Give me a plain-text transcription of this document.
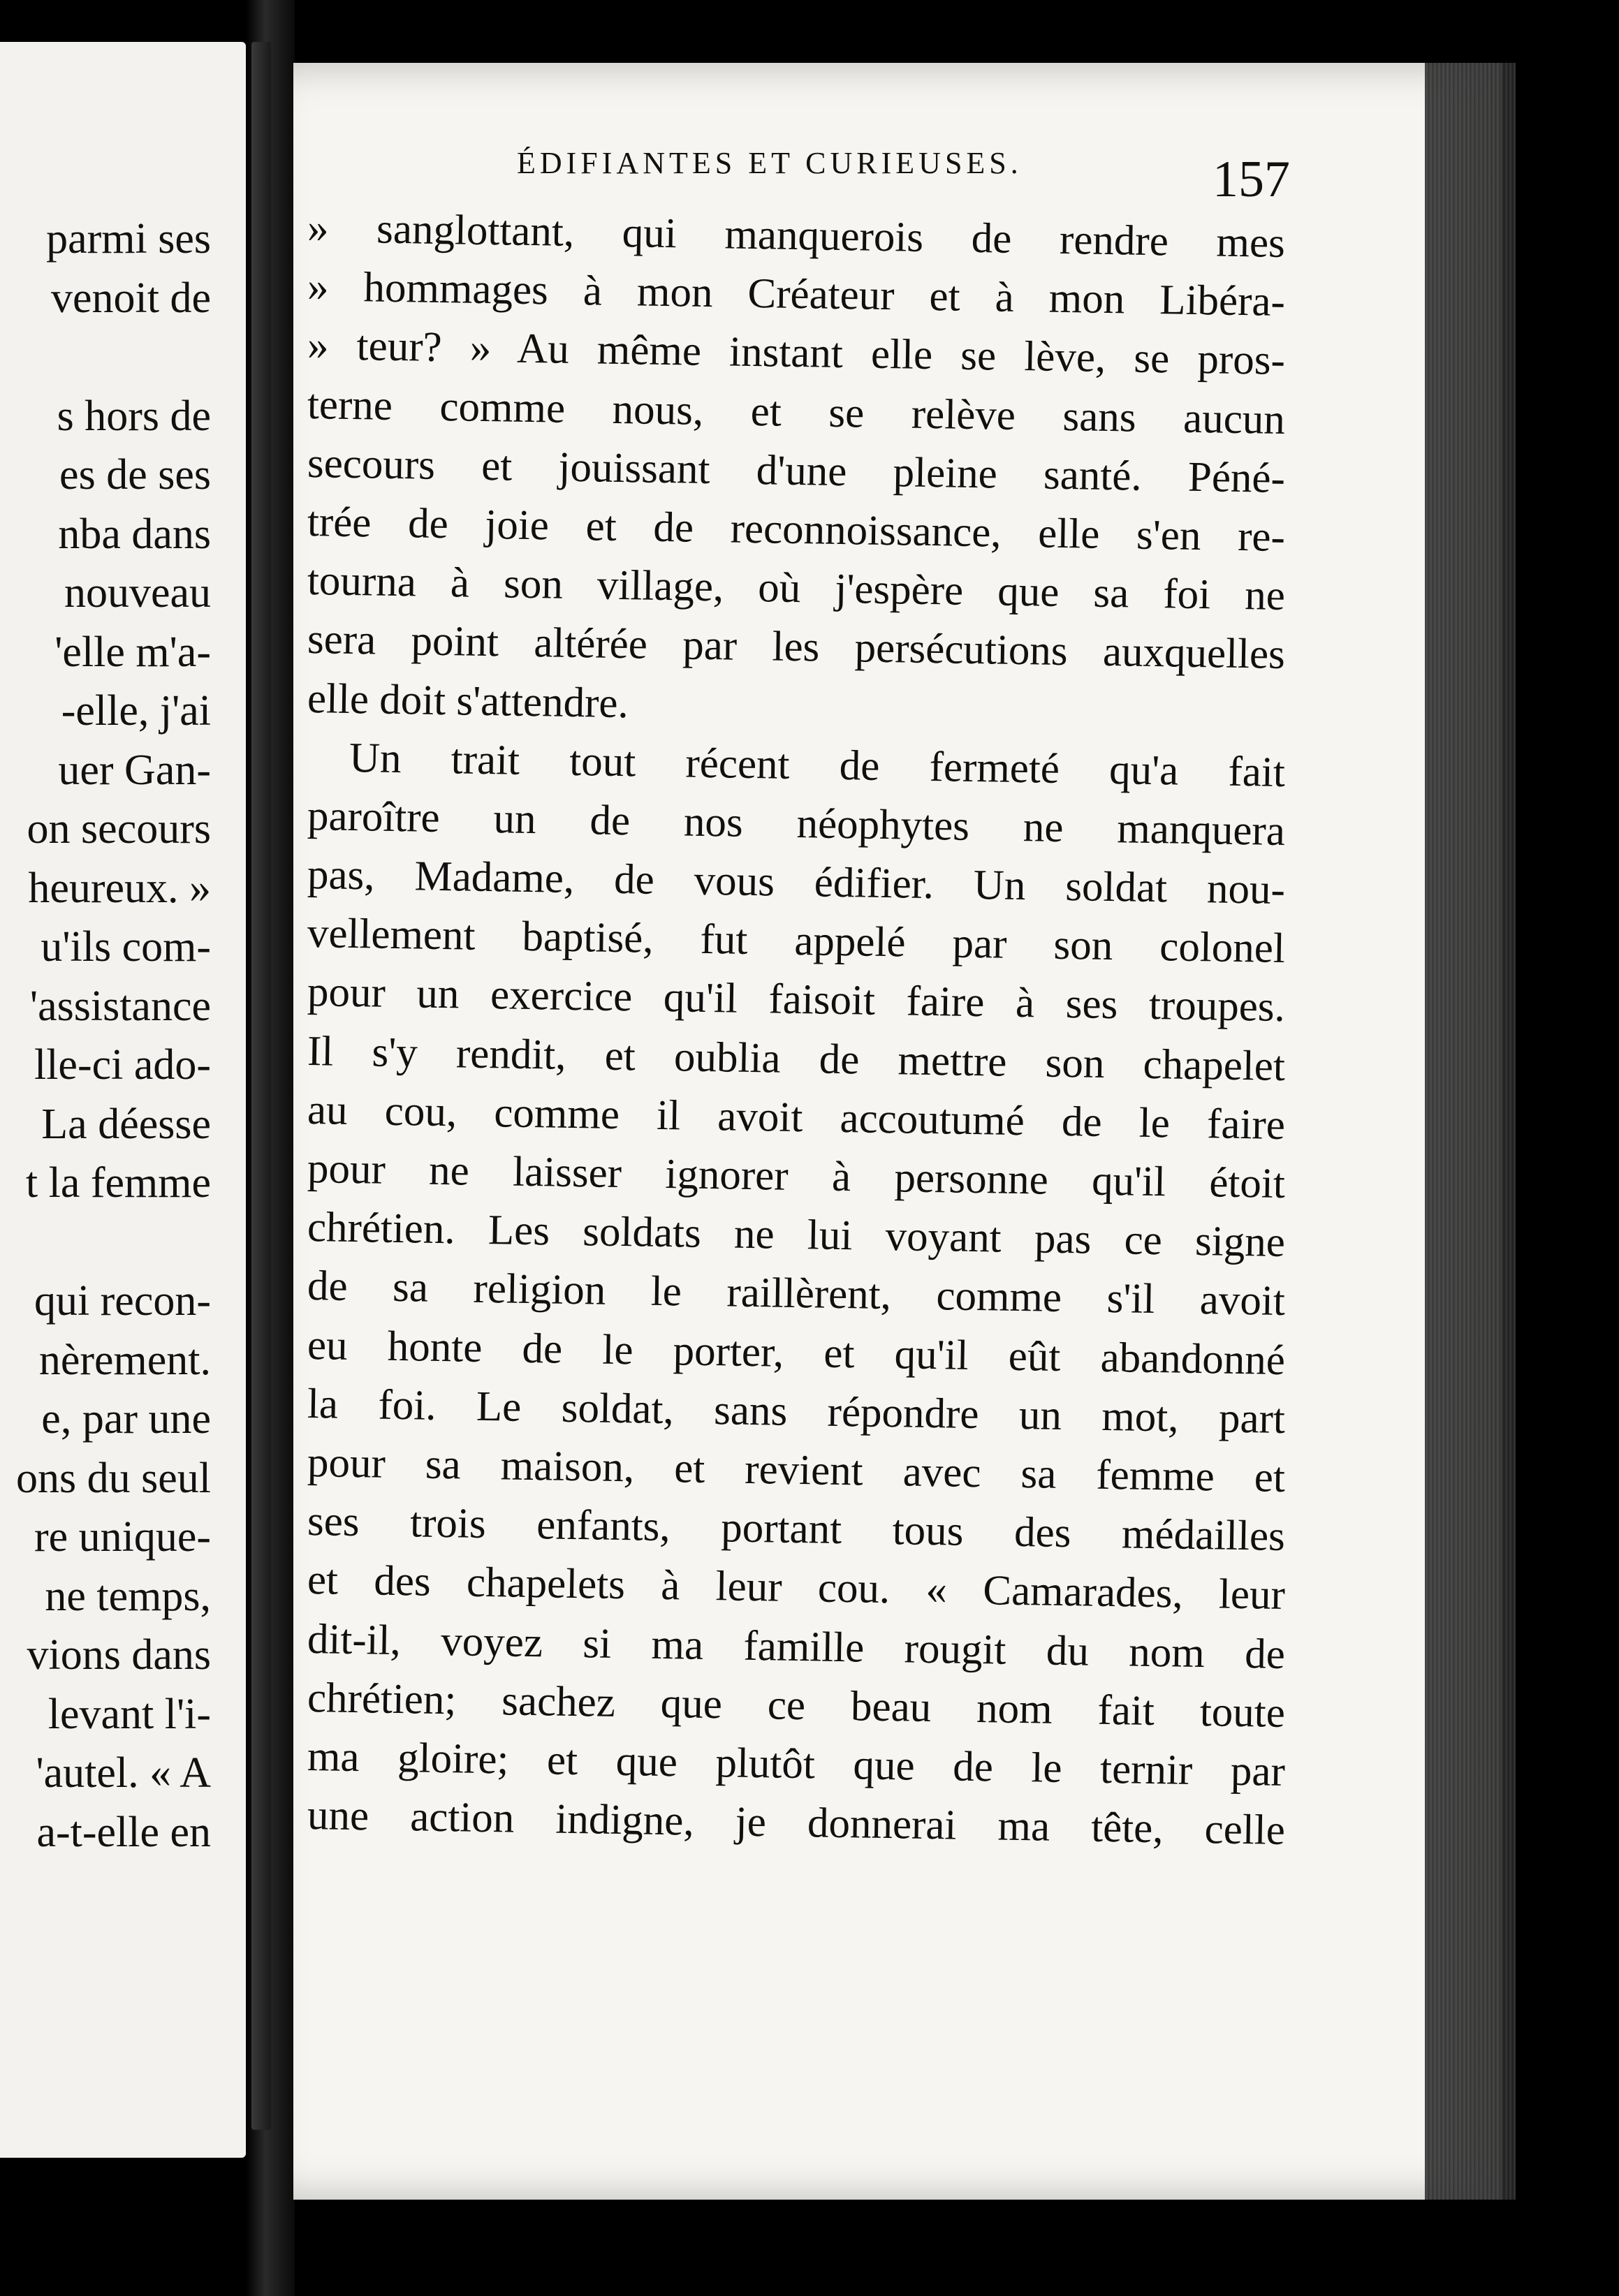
parmi ses
venoit de
s hors de
es de ses
nba dans
nouveau
'elle m'a-
-elle, j'ai
uer Gan-
on secours
heureux. »
u'ils com-
'assistance
lle-ci ado-
La déesse
t la femme
qui recon-
nèrement.
e, par une
ons du seul
re unique-
ne temps,
vions dans
levant l'i-
'autel. « A
a-t-elle en
ÉDIFIANTES ET CURIEUSES.	157
» sanglottant, qui manquerois de rendre mes
» hommages à mon Créateur et à mon Libéra-
» teur? » Au même instant elle se lève, se pros-
terne comme nous, et se relève sans aucun
secours et jouissant d'une pleine santé. Péné-
trée de joie et de reconnoissance, elle s'en re-
tourna à son village, où j'espère que sa foi ne
sera point altérée par les persécutions auxquelles
elle doit s'attendre.
Un trait tout récent de fermeté qu'a fait
paroître un de nos néophytes ne manquera
pas, Madame, de vous édifier. Un soldat nou-
vellement baptisé, fut appelé par son colonel
pour un exercice qu'il faisoit faire à ses troupes.
Il s'y rendit, et oublia de mettre son chapelet
au cou, comme il avoit accoutumé de le faire
pour ne laisser ignorer à personne qu'il étoit
chrétien. Les soldats ne lui voyant pas ce signe
de sa religion le raillèrent, comme s'il avoit
eu honte de le porter, et qu'il eût abandonné
la foi. Le soldat, sans répondre un mot, part
pour sa maison, et revient avec sa femme et
ses trois enfants, portant tous des médailles
et des chapelets à leur cou. « Camarades, leur
dit-il, voyez si ma famille rougit du nom de
chrétien; sachez que ce beau nom fait toute
ma gloire; et que plutôt que de le ternir par
une action indigne, je donnerai ma tête, celle
